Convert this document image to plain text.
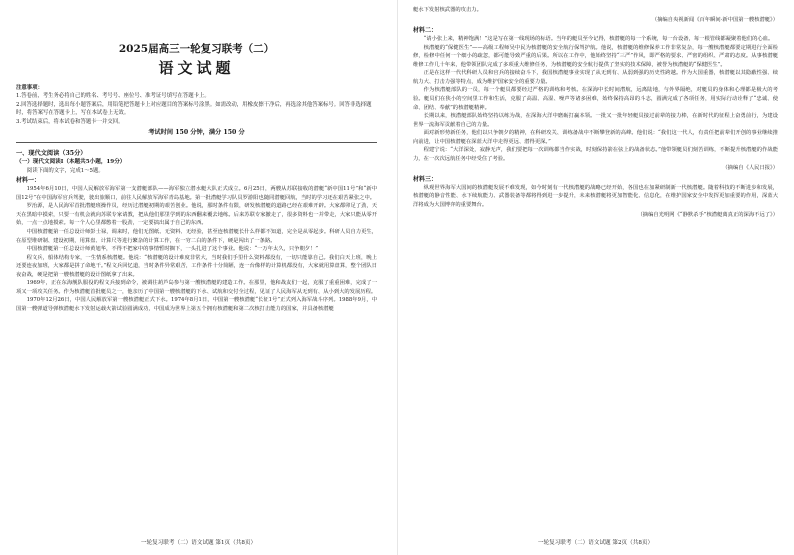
2025届高三一轮复习联考（二）
语文试题
注意事项：
1.答卷前，考生务必将自己的姓名、考号号、座位号、准考证号填写在答题卡上。
2.回答选择题时，选出每小题答案后，用铅笔把答题卡上对应题目的答案标号涂黑。如需改动，用橡皮擦干净后，再选涂其他答案标号。回答非选择题时，将答案写在答题卡上，写在本试卷上无效。
3.考试结束后，将本试卷和答题卡一并交回。
考试时间 150 分钟，满分 150 分
一、现代文阅读（35分）
（一）现代文阅读Ⅰ（本题共5小题，19分）
阅读下面的文字，完成1～5题。
材料一：

1954年6月10日，中国人民解放军海军第一支潜艇部队——海军独立潜水艇大队正式成立。6月25日，两艘从苏联接收的潜艇“新中国11号”和“新中国12号”在中国海军官兵驾驶，驶出旅顺口，前往人民解放军海军青岛基地。第一批潜艇学习队员罗游阳也随同潜艇回航，当时的学习还在艰苦紧张之中。

罗治源，是人民海军首批潜艇班操作员，经历过潜艇初期的艰苦创业。他说，那时条件有限，研发核潜艇的道路已经在艰难开辟。大家都卯足了劲，天天在黑暗中摸索，只要一有机会就向苏联专家请教，把从他们那里学到的东西翻来覆去地练。后来苏联专家撤走了，很多资料也一并带走，大家只能从零开始，一点一点地摸索。每一个人心里都憋着一股劲，一定要搞出属于自己的东西。

中国核潜艇第一任总设计师彭士禄，调来时，他们无图纸、无资料、无经验，甚至连核潜艇长什么样都不知道，完全是从零起步。科研人员自力更生，在原型堆研制、建设初期，用算盘、计算尺等进行繁杂的计算工作，在一穷二白的条件下，硬是闯出了一条路。

中国核潜艇第一任总设计师黄旭华，不得不把家中的事情暂时搁下，一头扎进了这个事业。他说：“一万年太久，只争朝夕！”

程文兵，船体结构专家，一生情系核潜艇。他说：“核潜艇的设计难度非常大，当时我们手里什么资料都没有，一切只能靠自己。我们白天上班，晚上还要连夜加班，大家都是拼了命地干。”程文兵回忆道，当时条件异常艰苦，工作条件十分简陋，连一台像样的计算机都没有，大家就用算盘算，整个团队日夜奋战，硬是把第一艘核潜艇的设计图纸拿了出来。

1969年，正在东海舰队服役的程文兵接到命令，被调往葫芦岛参与第一艘核潜艇的建造工作。在那里，他和战友们一起，克服了重重困难，完成了一项又一项攻关任务。作为核潜艇首批艇员之一，他亲历了中国第一艘核潜艇的下水、试航和交付全过程，见证了人民海军从无到有、从小到大的发展历程。

1970年12月26日，中国人民解放军第一艘核潜艇正式下水。1974年8月1日，中国第一艘核潜艇“长征1号”正式列入海军战斗序列。1988年9月，中国第一艘弹道导弹核潜艇水下发射运载火箭试验圆满成功，中国成为世界上第五个拥有核潜艇和第二次核打击能力的国家，并具备核潜艇

一轮复习联考（二）语文试题 第1页（共8页）

艇水下发射核武器的攻击力。

（摘编自央视新闻《百年瞬间·新中国第一艘核潜艇》）
材料二：

“请小张上来，精神饱满！”这是写在第一线现场的标语。当年的艇员至今记得，核潜艇的每一个系统，每一台设备，每一根管线都凝聚着他们的心血。

核潜艇的“保健医生”——高级工程师吴中民为核潜艇的安全航行保驾护航。他说，核潜艇的维修保养工作非常复杂，每一艘核潜艇都要定期进行全面检修，检修中任何一个细小的疏忽，都可能导致严重的后果。所以在工作中，他始终坚持“三严”作风，即严格的要求、严密的组织、严肃的态度。从事核潜艇维修工作几十年来，他带领团队完成了多项重大维修任务，为核潜艇的安全航行提供了坚实的技术保障，被誉为核潜艇的“保健医生”。

正是在这样一代代科研人员和官兵的接续奋斗下，我国核潜艇事业实现了从无到有、从弱到强的历史性跨越。作为大国重器，核潜艇以其隐蔽性强、续航力大、打击力强等特点，成为维护国家安全的重要力量。

作为核潜艇部队的一员，每一个艇员都要经过严格的训练和考核。在深海中长时间潜航，远离陆地，与外界隔绝，对艇员的身体和心理都是极大的考验。艇员们在狭小的空间里工作和生活，克服了高温、高湿、噪声等诸多困难，始终保持高昂的斗志，圆满完成了各项任务，用实际行动诠释了“忠诚、使命、团结、奉献”的核潜艇精神。

长期以来，核潜艇部队始终坚持以练为战，在深海大洋中磨砺打赢本领。一批又一批年轻艇员接过前辈的接力棒，在新时代的征程上奋勇前行，为建设世界一流海军贡献着自己的力量。

面对新形势新任务，他们以只争朝夕的精神，在科研攻关、训练备战中不断攀登新的高峰。他们说：“我们这一代人，有责任把前辈们开创的事业继续推向前进，让中国核潜艇在深蓝大洋中走得更远、潜得更深。”

程建宁说：“大洋深处，寂静无声，我们要把每一次训练都当作实战，时刻保持箭在弦上的战备状态。”他带领艇员们刻苦训练，不断提升核潜艇的作战能力，在一次次远航任务中经受住了考验。

（摘编自《人民日报》）
材料三：

纵观世界海军大国间的核潜艇发展不难发现，如今时刻有一代核潜艇的战略已经开始，各国也在加紧研制新一代核潜艇。随着科技的不断进步和发展，核潜艇的静音性能、水下续航能力、武器装备等都将得到进一步提升，未来核潜艇将更加智能化、信息化，在维护国家安全中发挥更加重要的作用，深蓝大洋将成为大国博弈的重要舞台。

（摘编自光明网《“静默杀手”核潜艇离真正的深海不远了》）
一轮复习联考（二）语文试题 第2页（共8页）
